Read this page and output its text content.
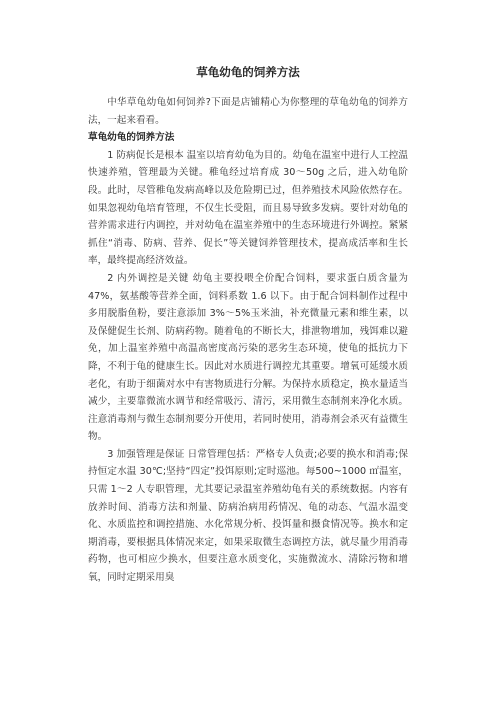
草龟幼龟的饲养方法

中华草龟幼龟如何饲养?下面是店铺精心为你整理的草龟幼龟的饲养方法，一起来看看。

草龟幼龟的饲养方法

1 防病促长是根本 温室以培育幼龟为目的。幼龟在温室中进行人工控温快速养殖，管理最为关键。稚龟经过培育成 30～50g 之后，进入幼龟阶段。此时，尽管稚龟发病高峰以及危险期已过，但养殖技术风险依然存在。如果忽视幼龟培育管理，不仅生长受阻，而且易导致多发病。要针对幼龟的营养需求进行内调控，并对幼龟在温室养殖中的生态环境进行外调控。紧紧抓住“消毒、防病、营养、促长”等关键饲养管理技术，提高成活率和生长率，最终提高经济效益。

2 内外调控是关键 幼龟主要投喂全价配合饲料，要求蛋白质含量为 47%，氨基酸等营养全面，饲料系数 1.6 以下。由于配合饲料制作过程中多用脱脂鱼粉，要注意添加 3%～5%玉米油，补充微量元素和维生素，以及保健促生长剂、防病药物。随着龟的不断长大，排泄物增加，残饵难以避免，加上温室养殖中高温高密度高污染的恶劣生态环境，使龟的抵抗力下降，不利于龟的健康生长。因此对水质进行调控尤其重要。增氧可延缓水质老化，有助于细菌对水中有害物质进行分解。为保持水质稳定，换水量适当减少，主要靠微流水调节和经常吸污、清污，采用微生态制剂来净化水质。注意消毒剂与微生态制剂要分开使用，若同时使用，消毒剂会杀灭有益微生物。

3 加强管理是保证 日常管理包括：严格专人负责;必要的换水和消毒;保持恒定水温 30℃;坚持“四定”投饵原则;定时巡池。每500~1000 ㎡温室，只需 1～2 人专职管理，尤其要记录温室养殖幼龟有关的系统数据。内容有放养时间、消毒方法和剂量、防病治病用药情况、龟的动态、气温水温变化、水质监控和调控措施、水化常规分析、投饵量和摄食情况等。换水和定期消毒，要根据具体情况来定，如果采取微生态调控方法，就尽量少用消毒药物，也可相应少换水，但要注意水质变化，实施微流水、清除污物和增氧，同时定期采用臭
